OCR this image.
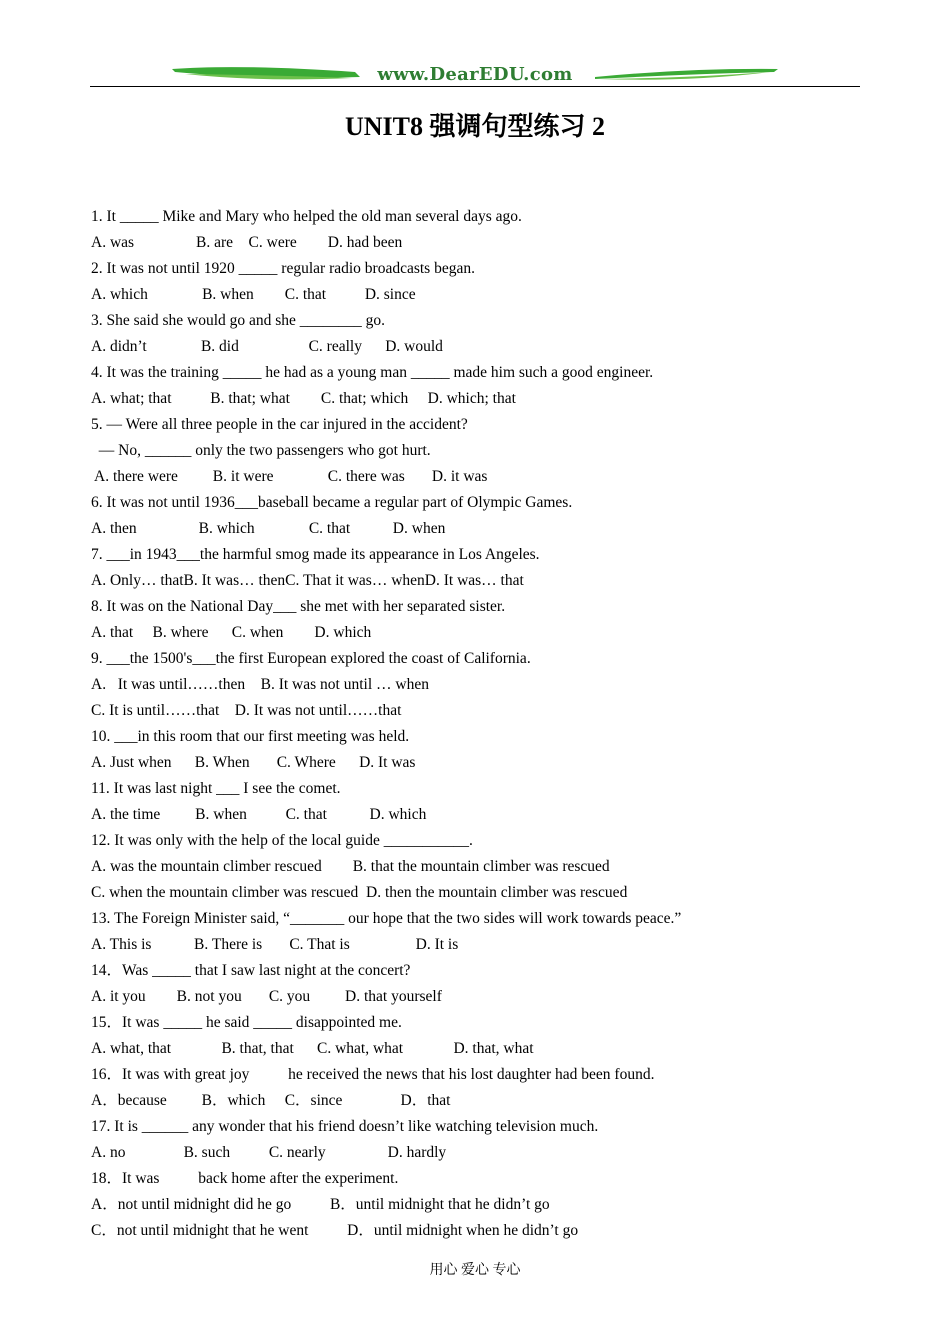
www.DearEDU.com
UNIT8 强调句型练习 2
1. It _____ Mike and Mary who helped the old man several days ago.
A. was                B. are    C. were        D. had been
2. It was not until 1920 _____ regular radio broadcasts began.
A. which              B. when        C. that          D. since
3. She said she would go and she ________ go.
A. didn’t              B. did                  C. really      D. would
4. It was the training _____ he had as a young man _____ made him such a good engineer.
A. what; that          B. that; what        C. that; which     D. which; that
5. — Were all three people in the car injured in the accident?
— No, ______ only the two passengers who got hurt.
A. there were         B. it were              C. there was       D. it was
6. It was not until 1936___baseball became a regular part of Olympic Games.
A. then                B. which              C. that           D. when
7. ___in 1943___the harmful smog made its appearance in Los Angeles.
A. Only… thatB. It was… thenC. That it was… whenD. It was… that
8. It was on the National Day___ she met with her separated sister.
A. that     B. where      C. when        D. which
9. ___the 1500's___the first European explored the coast of California.
A.   It was until……then    B. It was not until … when
C. It is until……that    D. It was not until……that
10. ___in this room that our first meeting was held.
A. Just when      B. When       C. Where      D. It was
11. It was last night ___ I see the comet.
A. the time         B. when          C. that           D. which
12. It was only with the help of the local guide ___________.
A. was the mountain climber rescued        B. that the mountain climber was rescued
C. when the mountain climber was rescued  D. then the mountain climber was rescued
13. The Foreign Minister said, “_______ our hope that the two sides will work towards peace.”
A. This is           B. There is       C. That is                 D. It is
14．Was _____ that I saw last night at the concert?
A. it you        B. not you       C. you         D. that yourself
15．It was _____ he said _____ disappointed me.
A. what, that             B. that, that      C. what, what             D. that, what
16．It was with great joy          he received the news that his lost daughter had been found.
A．because         B．which     C．since               D．that
17. It is ______ any wonder that his friend doesn’t like watching television much.
A. no               B. such          C. nearly                D. hardly
18．It was          back home after the experiment.
A．not until midnight did he go          B．until midnight that he didn’t go
C．not until midnight that he went          D．until midnight when he didn’t go
用心 爱心 专心
